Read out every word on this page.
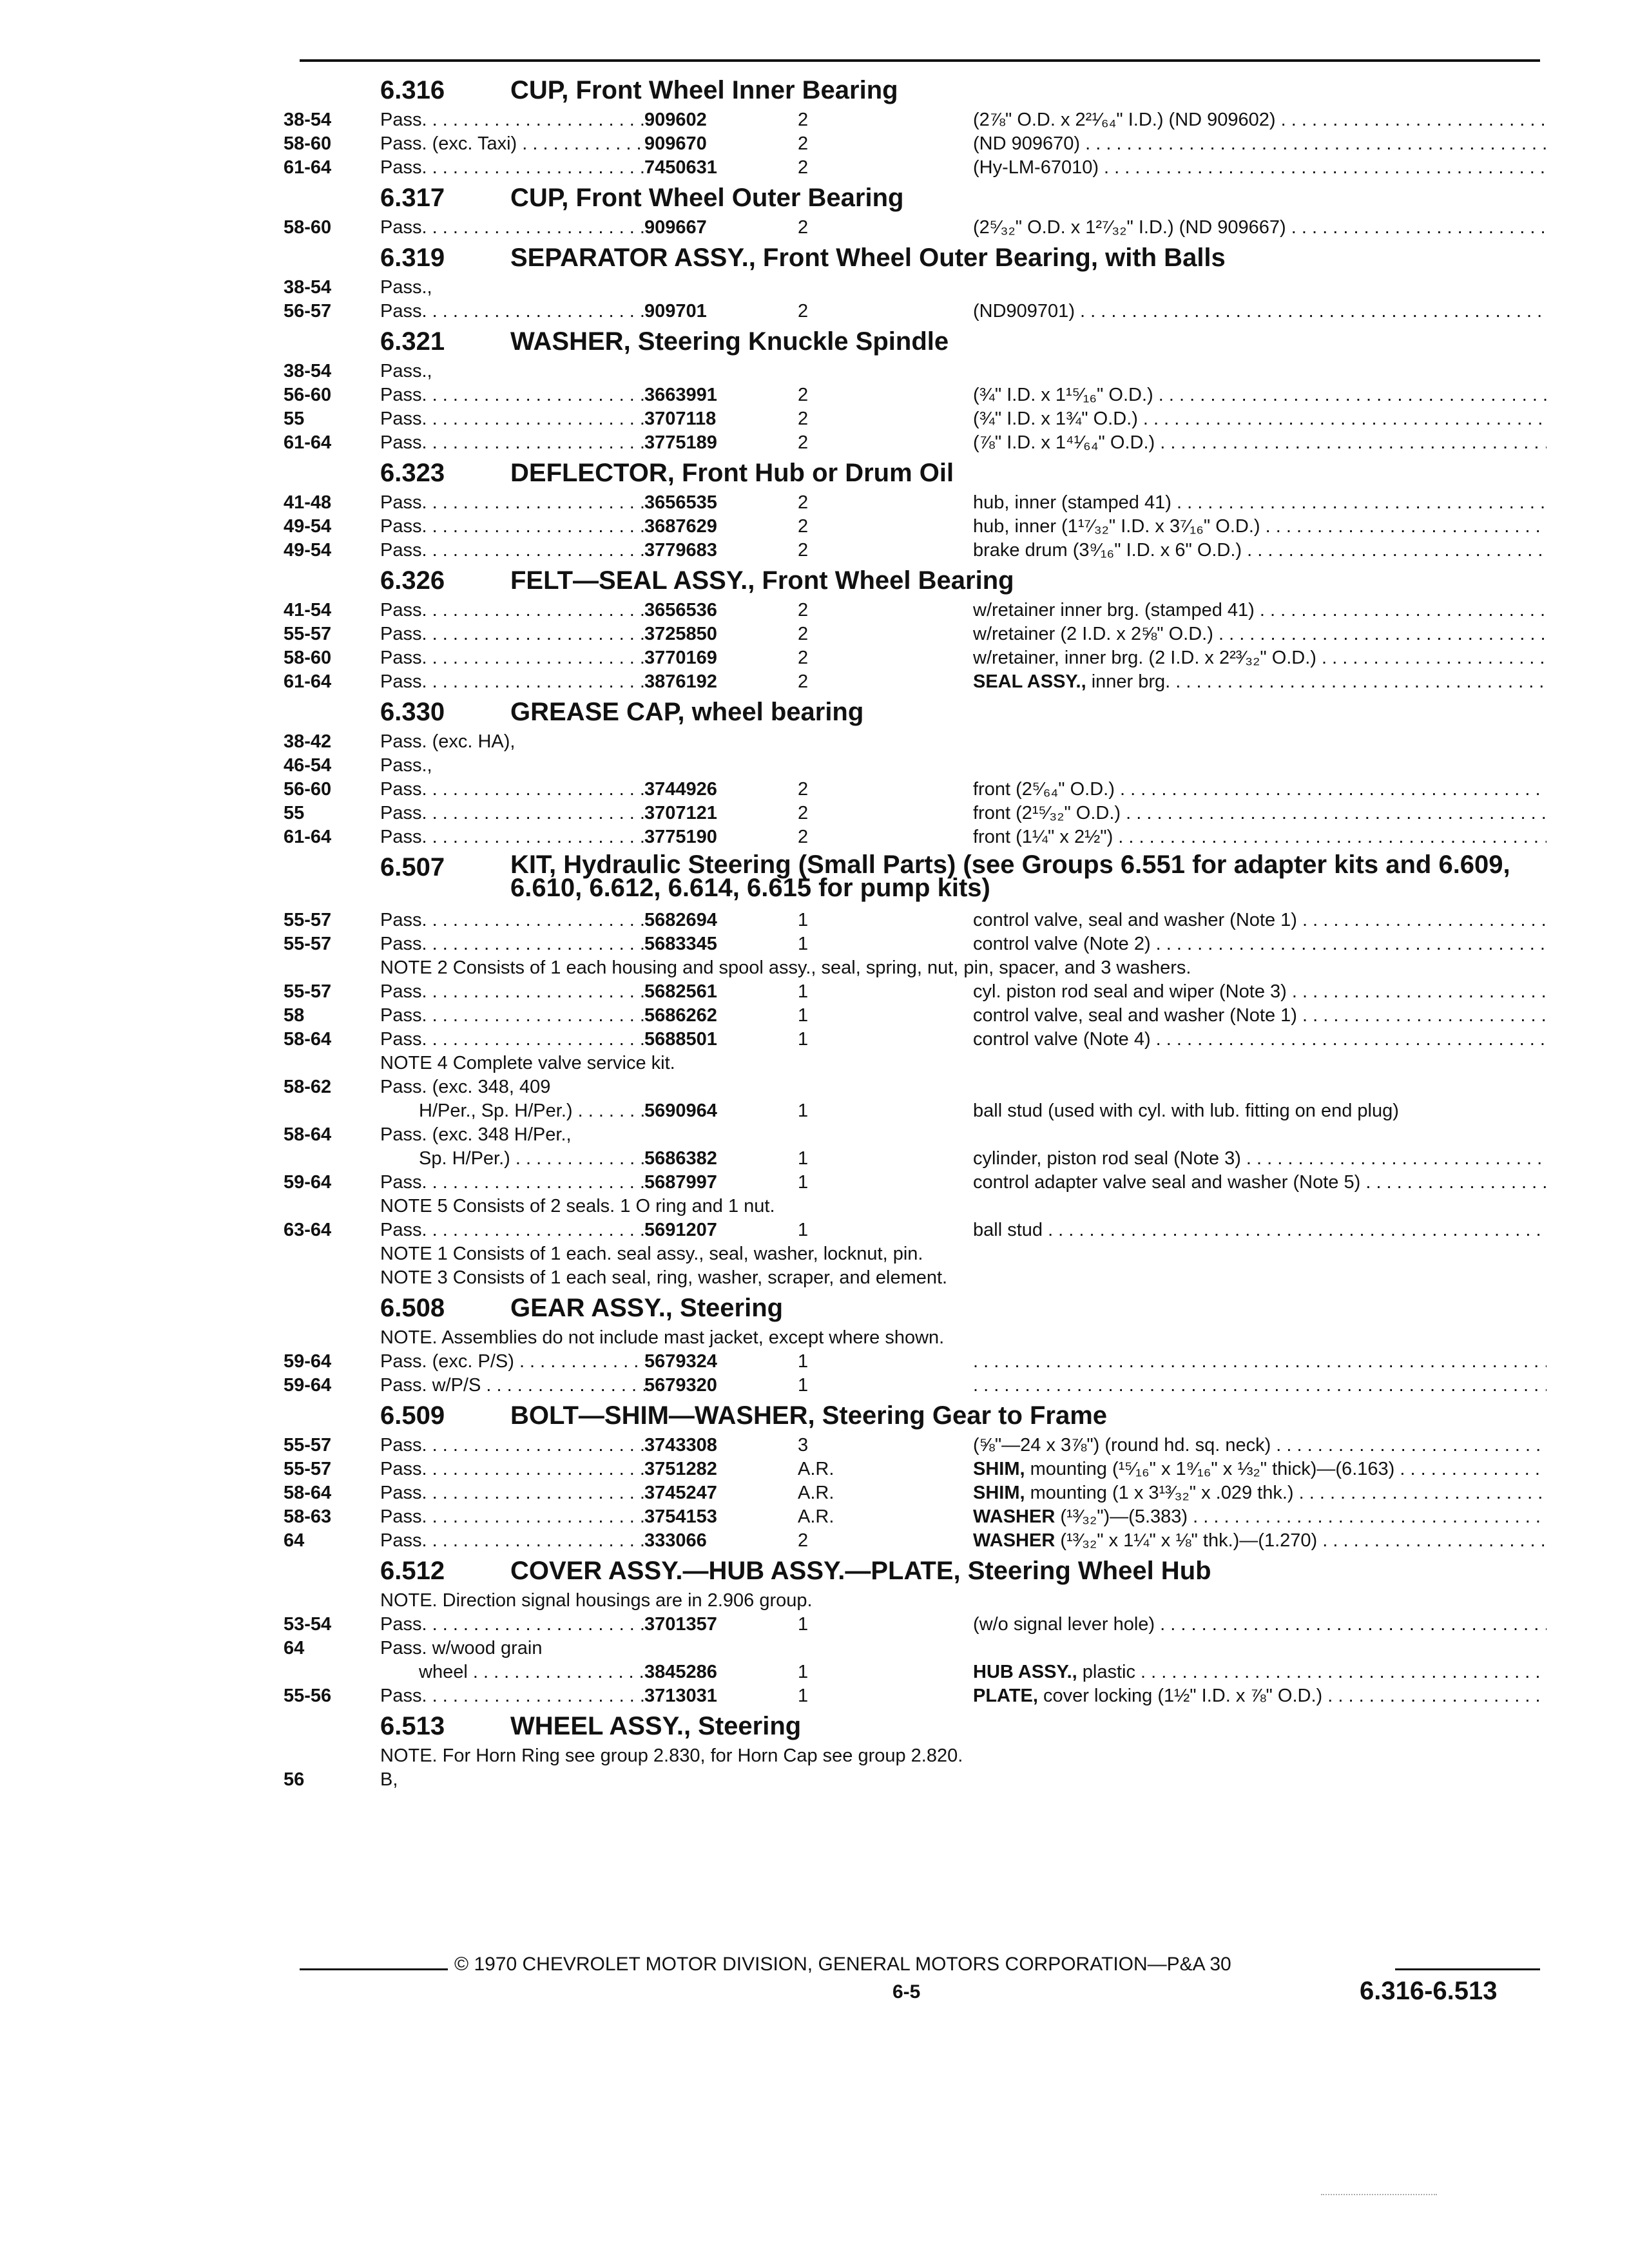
6.316	CUP, Front Wheel Inner Bearing
38-54	Pass. . . .	909602	2	(2⅞" O.D. x 2²¹⁄₆₄" I.D.) (ND 909602) . . .
58-60	Pass. (exc. Taxi) . . .	909670	2	(ND 909670) . . .
61-64	Pass. . . .	7450631	2	(Hy-LM-67010) . . .
6.317	CUP, Front Wheel Outer Bearing
58-60	Pass. . . .	909667	2	(2⁵⁄₃₂" O.D. x 1²⁷⁄₃₂" I.D.) (ND 909667) . . .
6.319	SEPARATOR ASSY., Front Wheel Outer Bearing, with Balls
38-54	Pass.,
56-57	Pass. . . .	909701	2	(ND909701) . . .
6.321	WASHER, Steering Knuckle Spindle
38-54	Pass.,
56-60	Pass. . . .	3663991	2	(¾" I.D. x 1¹⁵⁄₁₆" O.D.) . . .
55	Pass. . . .	3707118	2	(¾" I.D. x 1¾" O.D.) . . .
61-64	Pass. . . .	3775189	2	(⅞" I.D. x 1⁴¹⁄₆₄" O.D.) . . .
6.323	DEFLECTOR, Front Hub or Drum Oil
41-48	Pass. . . .	3656535	2	hub, inner (stamped 41) . . .
49-54	Pass. . . .	3687629	2	hub, inner (1¹⁷⁄₃₂" I.D. x 3⁷⁄₁₆" O.D.) . . .
49-54	Pass. . . .	3779683	2	brake drum (3⁹⁄₁₆" I.D. x 6" O.D.) . . .
6.326	FELT—SEAL ASSY., Front Wheel Bearing
41-54	Pass. . . .	3656536	2	w/retainer inner brg. (stamped 41) . . .
55-57	Pass. . . .	3725850	2	w/retainer (2 I.D. x 2⅝" O.D.) . . .
58-60	Pass. . . .	3770169	2	w/retainer, inner brg. (2 I.D. x 2²³⁄₃₂" O.D.) . . .
61-64	Pass. . . .	3876192	2	SEAL ASSY., inner brg. . . .
6.330	GREASE CAP, wheel bearing
38-42	Pass. (exc. HA),
46-54	Pass.,
56-60	Pass. . . .	3744926	2	front (2⁵⁄₆₄" O.D.) . . .
55	Pass. . . .	3707121	2	front (2¹⁵⁄₃₂" O.D.) . . .
61-64	Pass. . . .	3775190	2	front (1¼" x 2½") . . .
6.507	KIT, Hydraulic Steering (Small Parts) (see Groups 6.551 for adapter kits and 6.609, 6.610, 6.612, 6.614, 6.615 for pump kits)
55-57	Pass. . . .	5682694	1	control valve, seal and washer (Note 1) . . .
55-57	Pass. . . .	5683345	1	control valve (Note 2) . . .
NOTE 2 Consists of 1 each housing and spool assy., seal, spring, nut, pin, spacer, and 3 washers.
55-57	Pass. . . .	5682561	1	cyl. piston rod seal and wiper (Note 3) . . .
58	Pass. . . .	5686262	1	control valve, seal and washer (Note 1) . . .
58-64	Pass. . . .	5688501	1	control valve (Note 4) . . .
NOTE 4 Complete valve service kit.
58-62	Pass. (exc. 348, 409
H/Per., Sp. H/Per.) . . .	5690964	1	ball stud (used with cyl. with lub. fitting on end plug)
58-64	Pass. (exc. 348 H/Per.,
Sp. H/Per.) . . .	5686382	1	cylinder, piston rod seal (Note 3) . . .
59-64	Pass. . . .	5687997	1	control adapter valve seal and washer (Note 5) . . .
NOTE 5 Consists of 2 seals. 1 O ring and 1 nut.
63-64	Pass. . . .	5691207	1	ball stud . . .
NOTE 1 Consists of 1 each. seal assy., seal, washer, locknut, pin.
NOTE 3 Consists of 1 each seal, ring, washer, scraper, and element.
6.508	GEAR ASSY., Steering
NOTE. Assemblies do not include mast jacket, except where shown.
59-64	Pass. (exc. P/S) . . .	5679324	1
. . .
59-64	Pass. w/P/S . . .	5679320	1
. . .
6.509	BOLT—SHIM—WASHER, Steering Gear to Frame
55-57	Pass. . . .	3743308	3	(⅝"—24 x 3⅞") (round hd. sq. neck) . . .
55-57	Pass. . . .	3751282	A.R.	SHIM, mounting (¹⁵⁄₁₆" x 1⁹⁄₁₆" x ⅓₂" thick)—(6.163) . . .
58-64	Pass. . . .	3745247	A.R.	SHIM, mounting (1 x 3¹³⁄₃₂" x .029 thk.) . . .
58-63	Pass. . . .	3754153	A.R.	WASHER (¹³⁄₃₂")—(5.383) . . .
64	Pass. . . .	333066	2	WASHER (¹³⁄₃₂" x 1¼" x ⅛" thk.)—(1.270) . . .
6.512	COVER ASSY.—HUB ASSY.—PLATE, Steering Wheel Hub
NOTE. Direction signal housings are in 2.906 group.
53-54	Pass. . . .	3701357	1	(w/o signal lever hole) . . .
64	Pass. w/wood grain
wheel . . .	3845286	1	HUB ASSY., plastic . . .
55-56	Pass. . . .	3713031	1	PLATE, cover locking (1½" I.D. x ⅞" O.D.) . . .
6.513	WHEEL ASSY., Steering
NOTE. For Horn Ring see group 2.830, for Horn Cap see group 2.820.
56	B,
© 1970 CHEVROLET MOTOR DIVISION, GENERAL MOTORS CORPORATION—P&A 30
6-5	6.316-6.513
